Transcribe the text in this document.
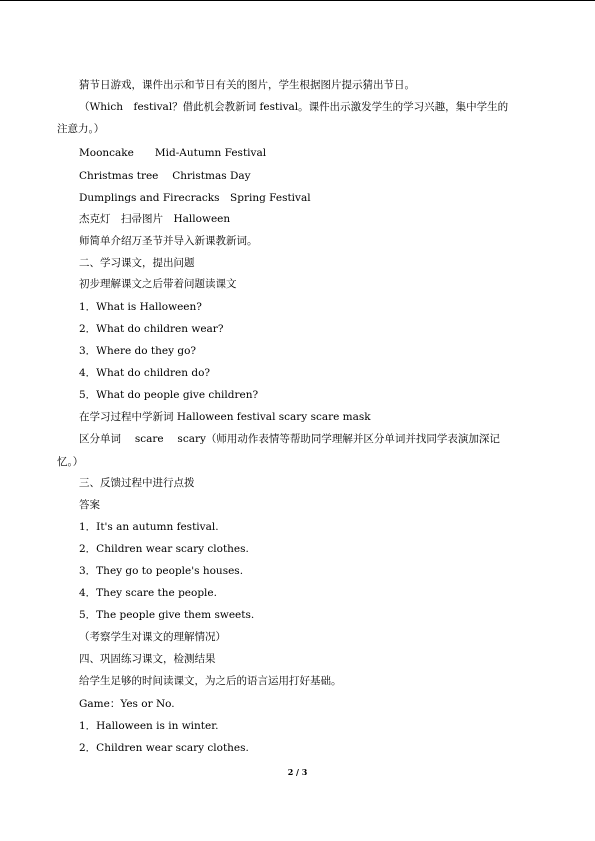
猜节日游戏，课件出示和节日有关的图片，学生根据图片提示猜出节日。
（Which　festival？借此机会教新词 festival。课件出示激发学生的学习兴趣，集中学生的
注意力。）
Mooncake　　Mid-Autumn Festival
Christmas tree　 Christmas Day
Dumplings and Firecracks　Spring Festival
杰克灯　扫帚图片　Halloween
师简单介绍万圣节并导入新课教新词。
二、学习课文，提出问题
初步理解课文之后带着问题读课文
1．What is Halloween?
2．What do children wear?
3．Where do they go?
4．What do children do?
5．What do people give children?
在学习过程中学新词 Halloween festival scary scare mask
区分单词　 scare　 scary（师用动作表情等帮助同学理解并区分单词并找同学表演加深记
忆。）
三、反馈过程中进行点拨
答案
1．It's an autumn festival.
2．Children wear scary clothes.
3．They go to people's houses.
4．They scare the people.
5．The people give them sweets.
（考察学生对课文的理解情况）
四、巩固练习课文，检测结果
给学生足够的时间读课文，为之后的语言运用打好基础。
Game：Yes or No.
1．Halloween is in winter.
2．Children wear scary clothes.
2 / 3
